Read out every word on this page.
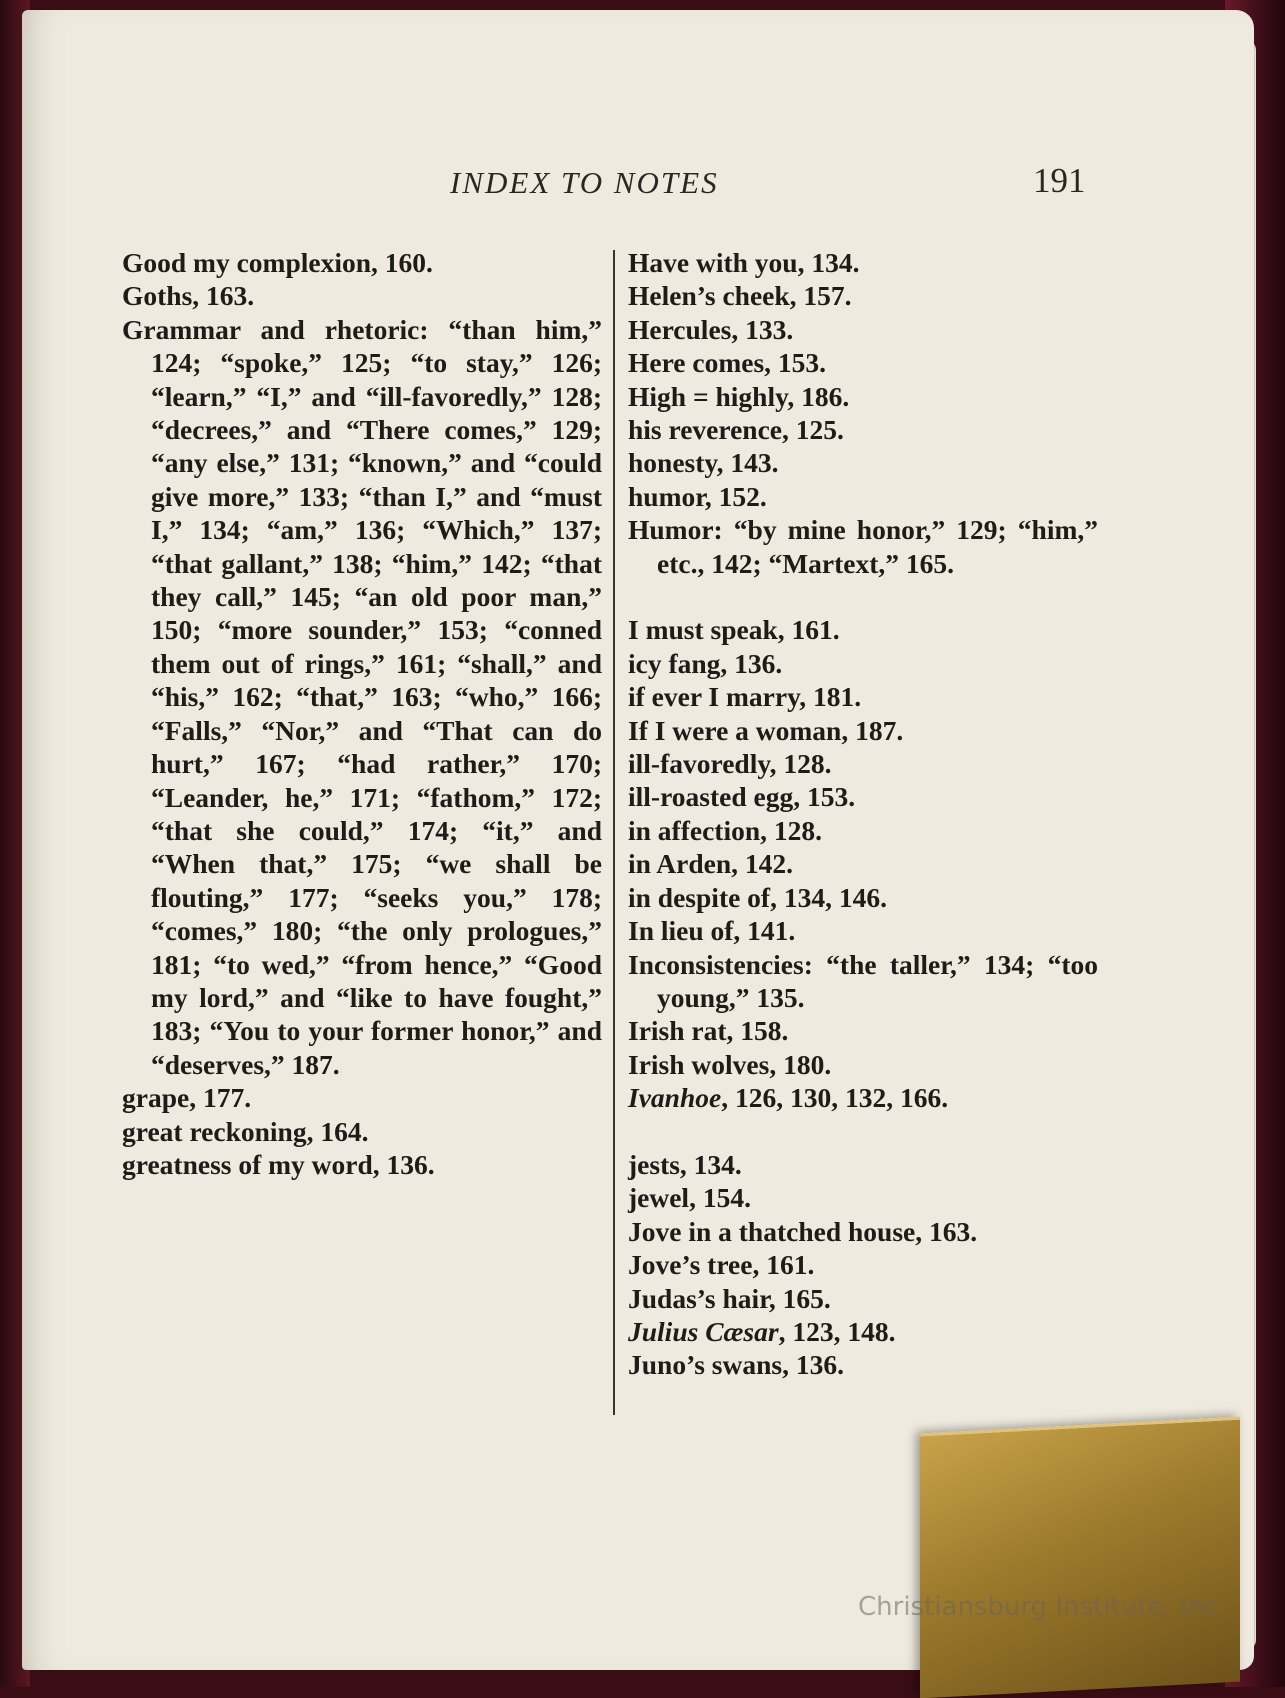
INDEX TO NOTES	191

Good my complexion, 160.

Goths, 163.

Grammar and rhetoric: “than him,” 124; “spoke,” 125; “to stay,” 126; “learn,” “I,” and “ill-favoredly,” 128; “decrees,” and “There comes,” 129; “any else,” 131; “known,” and “could give more,” 133; “than I,” and “must I,” 134; “am,” 136; “Which,” 137; “that gallant,” 138; “him,” 142; “that they call,” 145; “an old poor man,” 150; “more sounder,” 153; “conned them out of rings,” 161; “shall,” and “his,” 162; “that,” 163; “who,” 166; “Falls,” “Nor,” and “That can do hurt,” 167; “had rather,” 170; “Leander, he,” 171; “fathom,” 172; “that she could,” 174; “it,” and “When that,” 175; “we shall be flouting,” 177; “seeks you,” 178; “comes,” 180; “the only prologues,” 181; “to wed,” “from hence,” “Good my lord,” and “like to have fought,” 183; “You to your former honor,” and “deserves,” 187.

grape, 177.

great reckoning, 164.

greatness of my word, 136.

Have with you, 134.

Helen’s cheek, 157.

Hercules, 133.

Here comes, 153.

High = highly, 186.

his reverence, 125.

honesty, 143.

humor, 152.

Humor: “by mine honor,” 129; “him,” etc., 142; “Martext,” 165.

I must speak, 161.

icy fang, 136.

if ever I marry, 181.

If I were a woman, 187.

ill-favoredly, 128.

ill-roasted egg, 153.

in affection, 128.

in Arden, 142.

in despite of, 134, 146.

In lieu of, 141.

Inconsistencies: “the taller,” 134; “too young,” 135.

Irish rat, 158.

Irish wolves, 180.

Ivanhoe, 126, 130, 132, 166.

jests, 134.

jewel, 154.

Jove in a thatched house, 163.

Jove’s tree, 161.

Judas’s hair, 165.

Julius Cæsar, 123, 148.

Juno’s swans, 136.

Christiansburg Institute, Inc
